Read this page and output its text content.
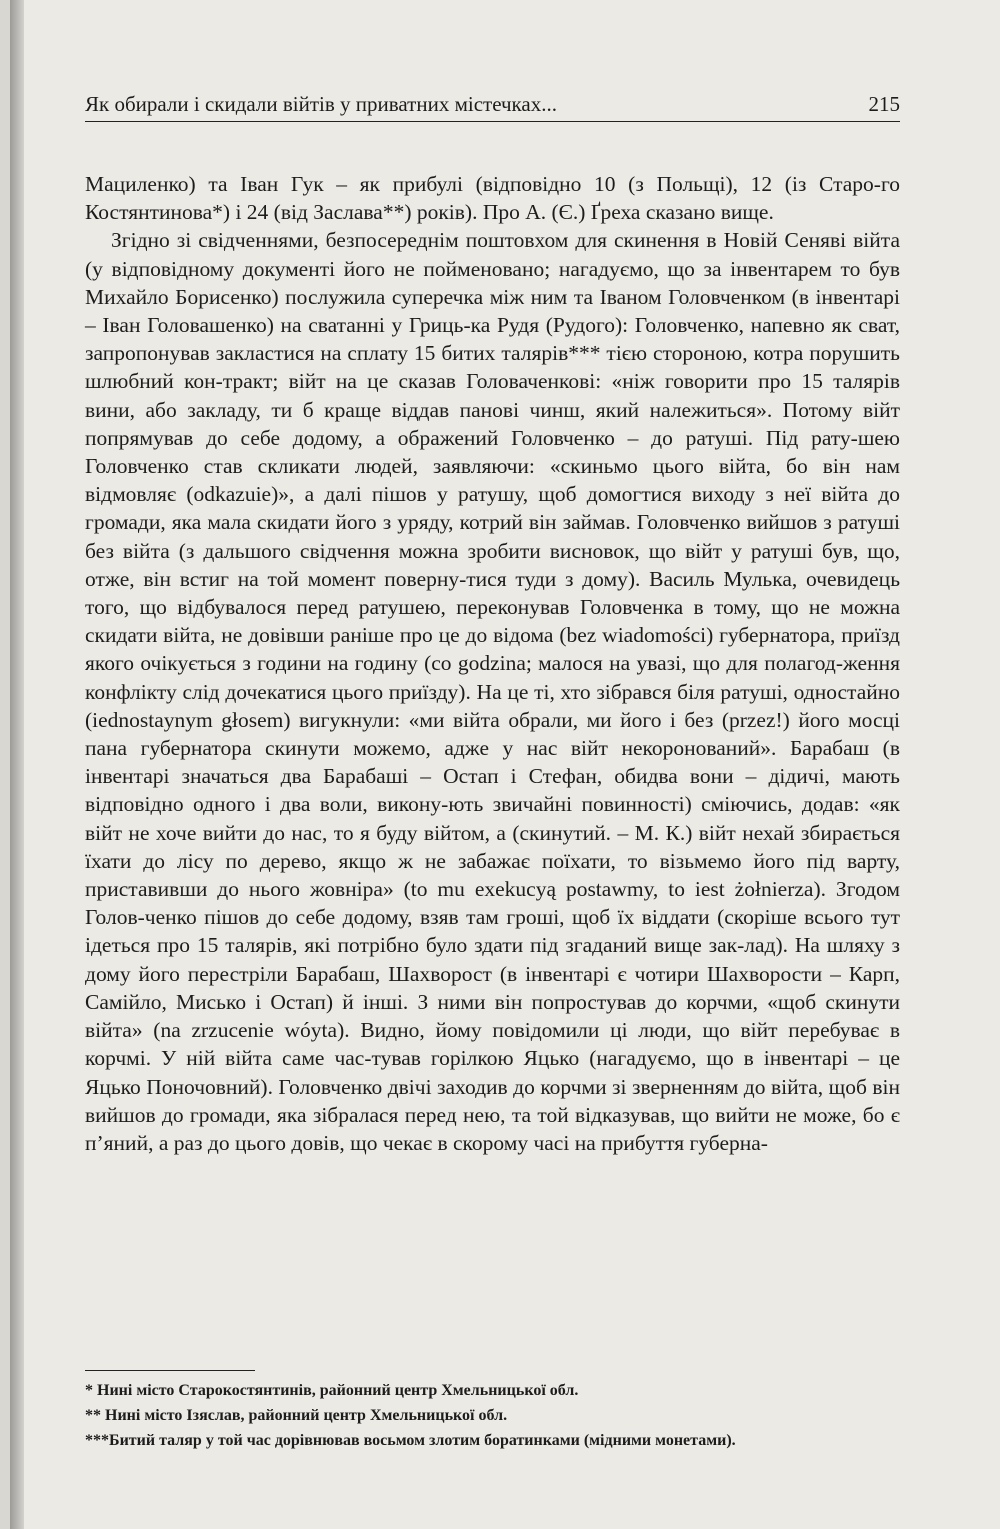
Як обирали і скидали війтів у приватних містечках...	215

Мациленко) та Іван Гук – як прибулі (відповідно 10 (з Польщі), 12 (із Старо-го Костянтинова*) і 24 (від Заслава**) років). Про А. (Є.) Ґреха сказано вище.

Згідно зі свідченнями, безпосереднім поштовхом для скинення в Новій Сеняві війта (у відповідному документі його не пойменовано; нагадуємо, що за інвентарем то був Михайло Борисенко) послужила суперечка між ним та Іваном Головченком (в інвентарі – Іван Головашенко) на сватанні у Гриць-ка Рудя (Рудого): Головченко, напевно як сват, запропонував закластися на сплату 15 битих талярів*** тією стороною, котра порушить шлюбний кон-тракт; війт на це сказав Головаченкові: «ніж говорити про 15 талярів вини, або закладу, ти б краще віддав панові чинш, який належиться». Потому війт попрямував до себе додому, а ображений Головченко – до ратуші. Під рату-шею Головченко став скликати людей, заявляючи: «скиньмо цього війта, бо він нам відмовляє (odkazuie)», а далі пішов у ратушу, щоб домогтися виходу з неї війта до громади, яка мала скидати його з уряду, котрий він займав. Головченко вийшов з ратуші без війта (з дальшого свідчення можна зробити висновок, що війт у ратуші був, що, отже, він встиг на той момент поверну-тися туди з дому). Василь Мулька, очевидець того, що відбувалося перед ратушею, переконував Головченка в тому, що не можна скидати війта, не довівши раніше про це до відома (bez wiadomości) губернатора, приїзд якого очікується з години на годину (co godzina; малося на увазі, що для полагод-ження конфлікту слід дочекатися цього приїзду). На це ті, хто зібрався біля ратуші, одностайно (iednostaynym głosem) вигукнули: «ми війта обрали, ми його і без (przez!) його мосці пана губернатора скинути можемо, адже у нас війт некоронований». Барабаш (в інвентарі значаться два Барабаші – Остап і Стефан, обидва вони – дідичі, мають відповідно одного і два воли, викону-ють звичайні повинності) сміючись, додав: «як війт не хоче вийти до нас, то я буду війтом, а (скинутий. – М. К.) війт нехай збирається їхати до лісу по дерево, якщо ж не забажає поїхати, то візьмемо його під варту, приставивши до нього жовніра» (to mu exekucyą postawmy, to iest żołnierza). Згодом Голов-ченко пішов до себе додому, взяв там гроші, щоб їх віддати (скоріше всього тут ідеться про 15 талярів, які потрібно було здати під згаданий вище зак-лад). На шляху з дому його перестріли Барабаш, Шахворост (в інвентарі є чотири Шахворости – Карп, Самійло, Мисько і Остап) й інші. З ними він попростував до корчми, «щоб скинути війта» (na zrzucenie wóyta). Видно, йому повідомили ці люди, що війт перебуває в корчмі. У ній війта саме час-тував горілкою Яцько (нагадуємо, що в інвентарі – це Яцько Поночовний). Головченко двічі заходив до корчми зі зверненням до війта, щоб він вийшов до громади, яка зібралася перед нею, та той відказував, що вийти не може, бо є п’яний, а раз до цього довів, що чекає в скорому часі на прибуття губерна-

* Нині місто Старокостянтинів, районний центр Хмельницької обл.
** Нині місто Ізяслав, районний центр Хмельницької обл.
***Битий таляр у той час дорівнював восьмом злотим боратинками (мідними монетами).
